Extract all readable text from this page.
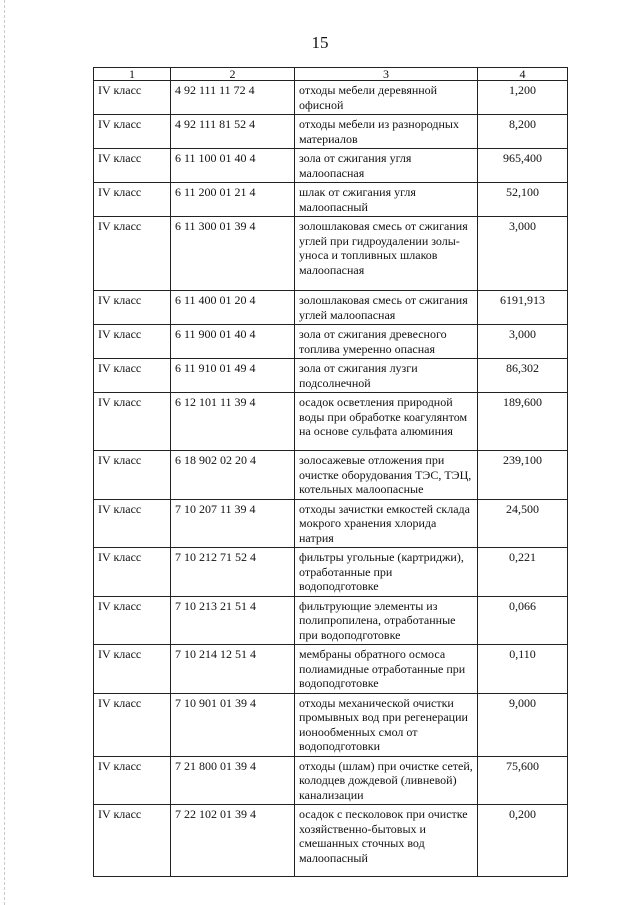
15
1	2	3	4
IV класс	4 92 111 11 72 4	отходы мебели деревянной офисной	1,200
IV класс	4 92 111 81 52 4	отходы мебели из разнородных материалов	8,200
IV класс	6 11 100 01 40 4	зола от сжигания угля малоопасная	965,400
IV класс	6 11 200 01 21 4	шлак от сжигания угля малоопасный	52,100
IV класс	6 11 300 01 39 4	золошлаковая смесь от сжигания углей при гидроудалении золы-уноса и топливных шлаков малоопасная	3,000
IV класс	6 11 400 01 20 4	золошлаковая смесь от сжигания углей малоопасная	6191,913
IV класс	6 11 900 01 40 4	зола от сжигания древесного топлива умеренно опасная	3,000
IV класс	6 11 910 01 49 4	зола от сжигания лузги подсолнечной	86,302
IV класс	6 12 101 11 39 4	осадок осветления природной воды при обработке коагулянтом на основе сульфата алюминия	189,600
IV класс	6 18 902 02 20 4	золосажевые отложения при очистке оборудования ТЭС, ТЭЦ, котельных малоопасные	239,100
IV класс	7 10 207 11 39 4	отходы зачистки емкостей склада мокрого хранения хлорида натрия	24,500
IV класс	7 10 212 71 52 4	фильтры угольные (картриджи), отработанные при водоподготовке	0,221
IV класс	7 10 213 21 51 4	фильтрующие элементы из полипропилена, отработанные при водоподготовке	0,066
IV класс	7 10 214 12 51 4	мембраны обратного осмоса полиамидные отработанные при водоподготовке	0,110
IV класс	7 10 901 01 39 4	отходы механической очистки промывных вод при регенерации ионообменных смол от водоподготовки	9,000
IV класс	7 21 800 01 39 4	отходы (шлам) при очистке сетей, колодцев дождевой (ливневой) канализации	75,600
IV класс	7 22 102 01 39 4	осадок с песколовок при очистке хозяйственно-бытовых и смешанных сточных вод малоопасный	0,200
